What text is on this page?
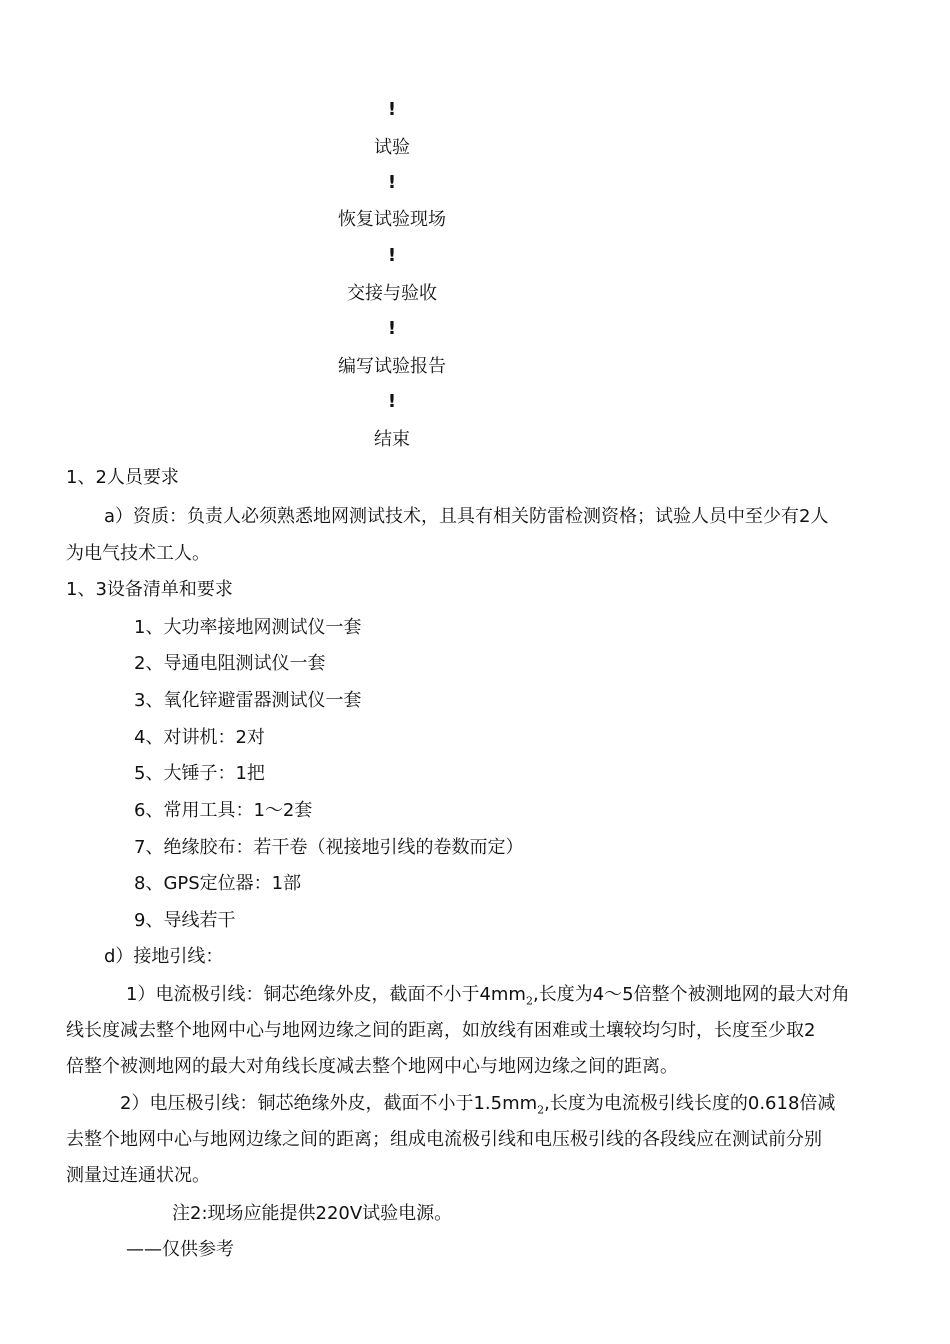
!
试验
!
恢复试验现场
!
交接与验收
!
编写试验报告
!
结束
1、2人员要求
a）资质：负责人必须熟悉地网测试技术，且具有相关防雷检测资格；试验人员中至少有2人
为电气技术工人。
1、3设备清单和要求
1、大功率接地网测试仪一套
2、导通电阻测试仪一套
3、氧化锌避雷器测试仪一套
4、对讲机：2对
5、大锤子：1把
6、常用工具：1～2套
7、绝缘胶布：若干卷（视接地引线的卷数而定）
8、GPS定位器：1部
9、导线若干
d）接地引线：
1）电流极引线：铜芯绝缘外皮，截面不小于$4mm_2$,长度为4～5倍整个被测地网的最大对角
线长度减去整个地网中心与地网边缘之间的距离，如放线有困难或土壤较均匀时，长度至少取2
倍整个被测地网的最大对角线长度减去整个地网中心与地网边缘之间的距离。
2）电压极引线：铜芯绝缘外皮，截面不小于$1.5mm_2$,长度为电流极引线长度的0.618倍减
去整个地网中心与地网边缘之间的距离；组成电流极引线和电压极引线的各段线应在测试前分别
测量过连通状况。
注2:现场应能提供220V试验电源。
——仅供参考
